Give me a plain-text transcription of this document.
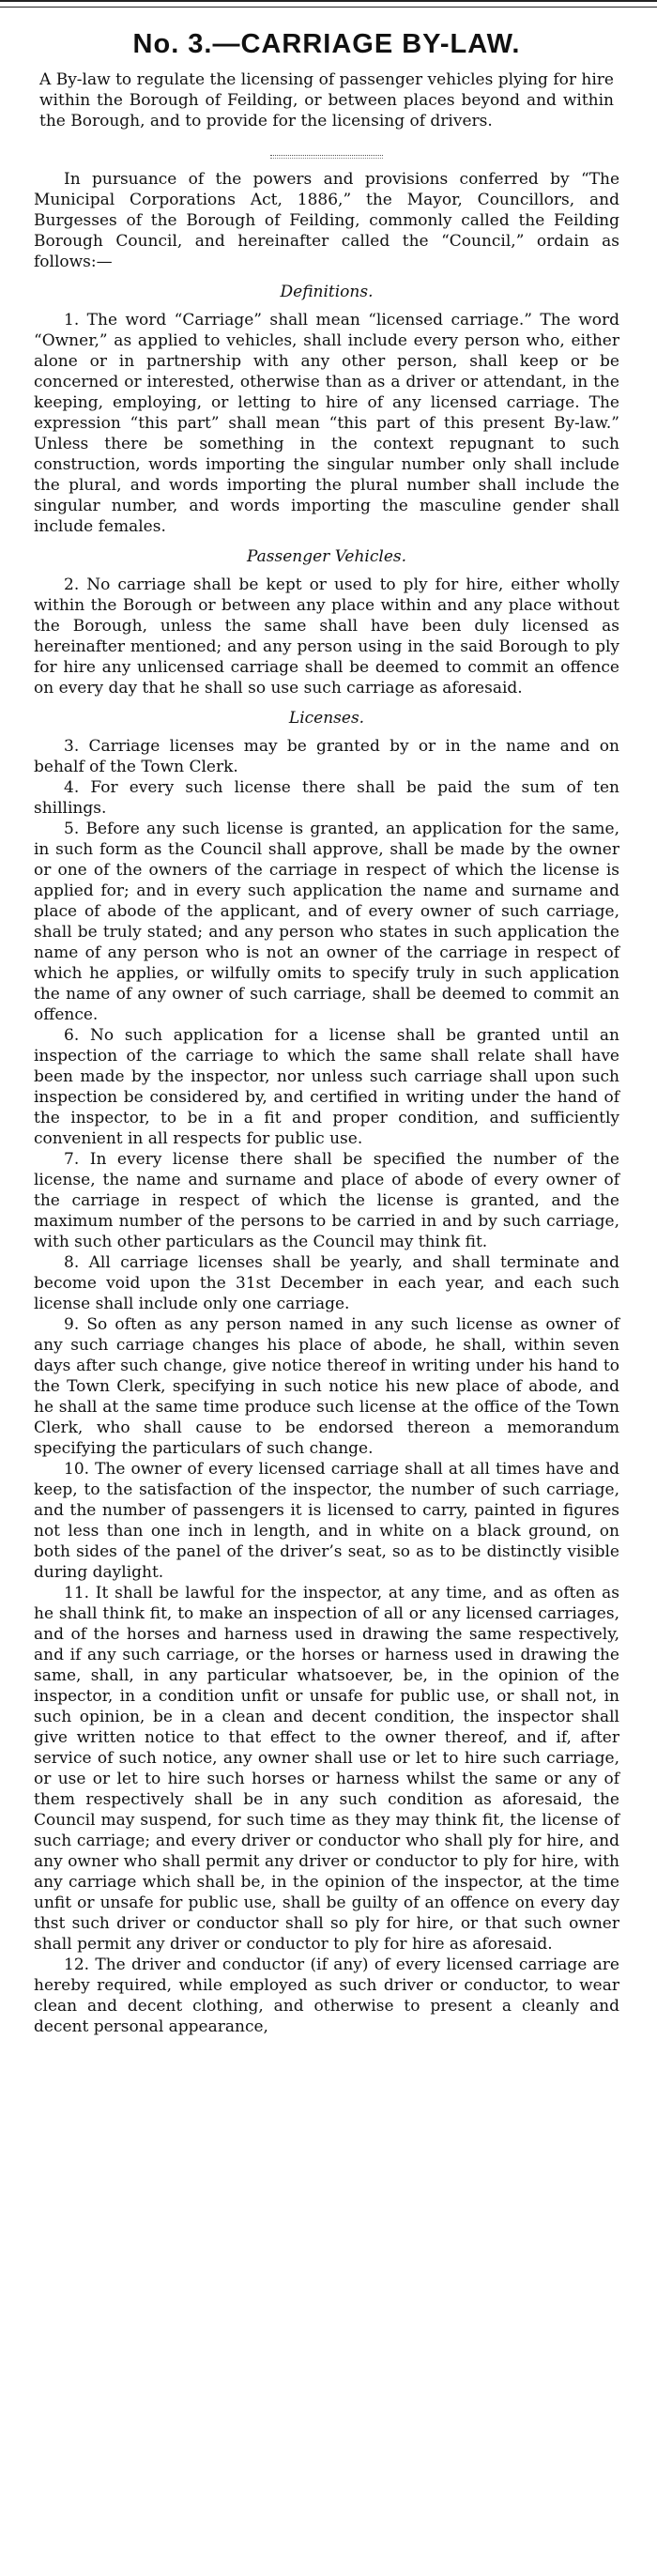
No. 3.—CARRIAGE BY-LAW.

A By-law to regulate the licensing of passenger vehicles plying for hire within the Borough of Feilding, or between places beyond and within the Borough, and to provide for the licensing of drivers.

In pursuance of the powers and provisions conferred by “The Municipal Corporations Act, 1886,” the Mayor, Councillors, and Burgesses of the Borough of Feilding, commonly called the Feilding Borough Council, and hereinafter called the “Council,” ordain as follows:—

Definitions.

1. The word “Carriage” shall mean “licensed carriage.” The word “Owner,” as applied to vehicles, shall include every person who, either alone or in partnership with any other person, shall keep or be concerned or interested, otherwise than as a driver or attendant, in the keeping, employing, or letting to hire of any licensed carriage. The expression “this part” shall mean “this part of this present By-law.” Unless there be something in the context repugnant to such construction, words importing the singular number only shall include the plural, and words importing the plural number shall include the singular number, and words importing the masculine gender shall include females.

Passenger Vehicles.

2. No carriage shall be kept or used to ply for hire, either wholly within the Borough or between any place within and any place without the Borough, unless the same shall have been duly licensed as hereinafter mentioned; and any person using in the said Borough to ply for hire any unlicensed carriage shall be deemed to commit an offence on every day that he shall so use such carriage as aforesaid.

Licenses.

3. Carriage licenses may be granted by or in the name and on behalf of the Town Clerk.

4. For every such license there shall be paid the sum of ten shillings.

5. Before any such license is granted, an application for the same, in such form as the Council shall approve, shall be made by the owner or one of the owners of the carriage in respect of which the license is applied for; and in every such application the name and surname and place of abode of the applicant, and of every owner of such carriage, shall be truly stated; and any person who states in such application the name of any person who is not an owner of the carriage in respect of which he applies, or wilfully omits to specify truly in such application the name of any owner of such carriage, shall be deemed to commit an offence.

6. No such application for a license shall be granted until an inspection of the carriage to which the same shall relate shall have been made by the inspector, nor unless such carriage shall upon such inspection be considered by, and certified in writing under the hand of the inspector, to be in a fit and proper condition, and sufficiently convenient in all respects for public use.

7. In every license there shall be specified the number of the license, the name and surname and place of abode of every owner of the carriage in respect of which the license is granted, and the maximum number of the persons to be carried in and by such carriage, with such other particulars as the Council may think fit.

8. All carriage licenses shall be yearly, and shall terminate and become void upon the 31st December in each year, and each such license shall include only one carriage.

9. So often as any person named in any such license as owner of any such carriage changes his place of abode, he shall, within seven days after such change, give notice thereof in writing under his hand to the Town Clerk, specifying in such notice his new place of abode, and he shall at the same time produce such license at the office of the Town Clerk, who shall cause to be endorsed thereon a memorandum specifying the particulars of such change.

10. The owner of every licensed carriage shall at all times have and keep, to the satisfaction of the inspector, the number of such carriage, and the number of passengers it is licensed to carry, painted in figures not less than one inch in length, and in white on a black ground, on both sides of the panel of the driver’s seat, so as to be distinctly visible during daylight.

11. It shall be lawful for the inspector, at any time, and as often as he shall think fit, to make an inspection of all or any licensed carriages, and of the horses and harness used in drawing the same respectively, and if any such carriage, or the horses or harness used in drawing the same, shall, in any particular whatsoever, be, in the opinion of the inspector, in a condition unfit or unsafe for public use, or shall not, in such opinion, be in a clean and decent condition, the inspector shall give written notice to that effect to the owner thereof, and if, after service of such notice, any owner shall use or let to hire such carriage, or use or let to hire such horses or harness whilst the same or any of them respectively shall be in any such condition as aforesaid, the Council may suspend, for such time as they may think fit, the license of such carriage; and every driver or conductor who shall ply for hire, and any owner who shall permit any driver or conductor to ply for hire, with any carriage which shall be, in the opinion of the inspector, at the time unfit or unsafe for public use, shall be guilty of an offence on every day thst such driver or conductor shall so ply for hire, or that such owner shall permit any driver or conductor to ply for hire as aforesaid.

12. The driver and conductor (if any) of every licensed carriage are hereby required, while employed as such driver or conductor, to wear clean and decent clothing, and otherwise to present a cleanly and decent personal appearance,
